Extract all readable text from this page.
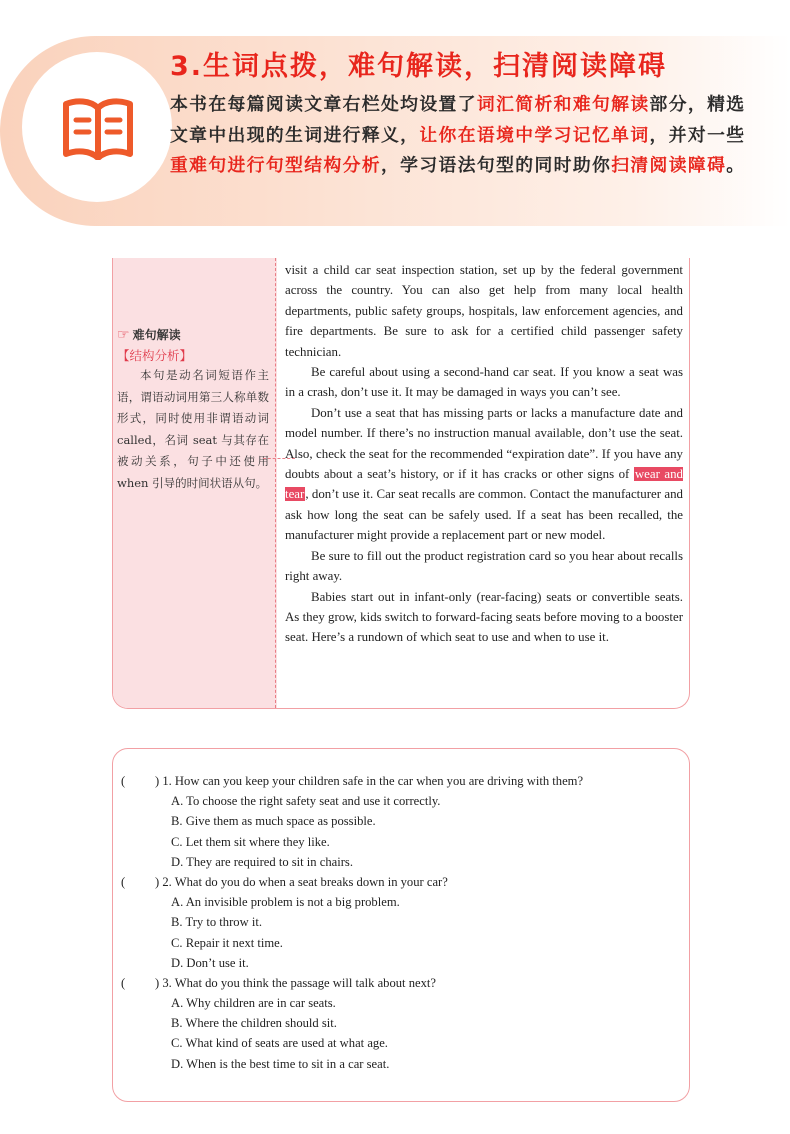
3.生词点拨，难句解读，扫清阅读障碍
本书在每篇阅读文章右栏处均设置了词汇简析和难句解读部分，精选文章中出现的生词进行释义，让你在语境中学习记忆单词，并对一些重难句进行句型结构分析，学习语法句型的同时助你扫清阅读障碍。
☞ 难句解读
【结构分析】
本句是动名词短语作主语，谓语动词用第三人称单数形式，同时使用非谓语动词 called，名词 seat 与其存在被动关系，句子中还使用 when 引导的时间状语从句。

visit a child car seat inspection station, set up by the federal government across the country. You can also get help from many local health departments, public safety groups, hospitals, law enforcement agencies, and fire departments. Be sure to ask for a certified child passenger safety technician.

Be careful about using a second-hand car seat. If you know a seat was in a crash, don’t use it. It may be damaged in ways you can’t see.

Don’t use a seat that has missing parts or lacks a manufacture date and model number. If there’s no instruction manual available, don’t use the seat. Also, check the seat for the recommended “expiration date”. If you have any doubts about a seat’s history, or if it has cracks or other signs of wear and tear, don’t use it. Car seat recalls are common. Contact the manufacturer and ask how long the seat can be safely used. If a seat has been recalled, the manufacturer might provide a replacement part or new model.

Be sure to fill out the product registration card so you hear about recalls right away.

Babies start out in infant-only (rear-facing) seats or convertible seats. As they grow, kids switch to forward-facing seats before moving to a booster seat. Here’s a rundown of which seat to use and when to use it.

( ) 1. How can you keep your children safe in the car when you are driving with them?
A. To choose the right safety seat and use it correctly.
B. Give them as much space as possible.
C. Let them sit where they like.
D. They are required to sit in chairs.
( ) 2. What do you do when a seat breaks down in your car?
A. An invisible problem is not a big problem.
B. Try to throw it.
C. Repair it next time.
D. Don’t use it.
( ) 3. What do you think the passage will talk about next?
A. Why children are in car seats.
B. Where the children should sit.
C. What kind of seats are used at what age.
D. When is the best time to sit in a car seat.
